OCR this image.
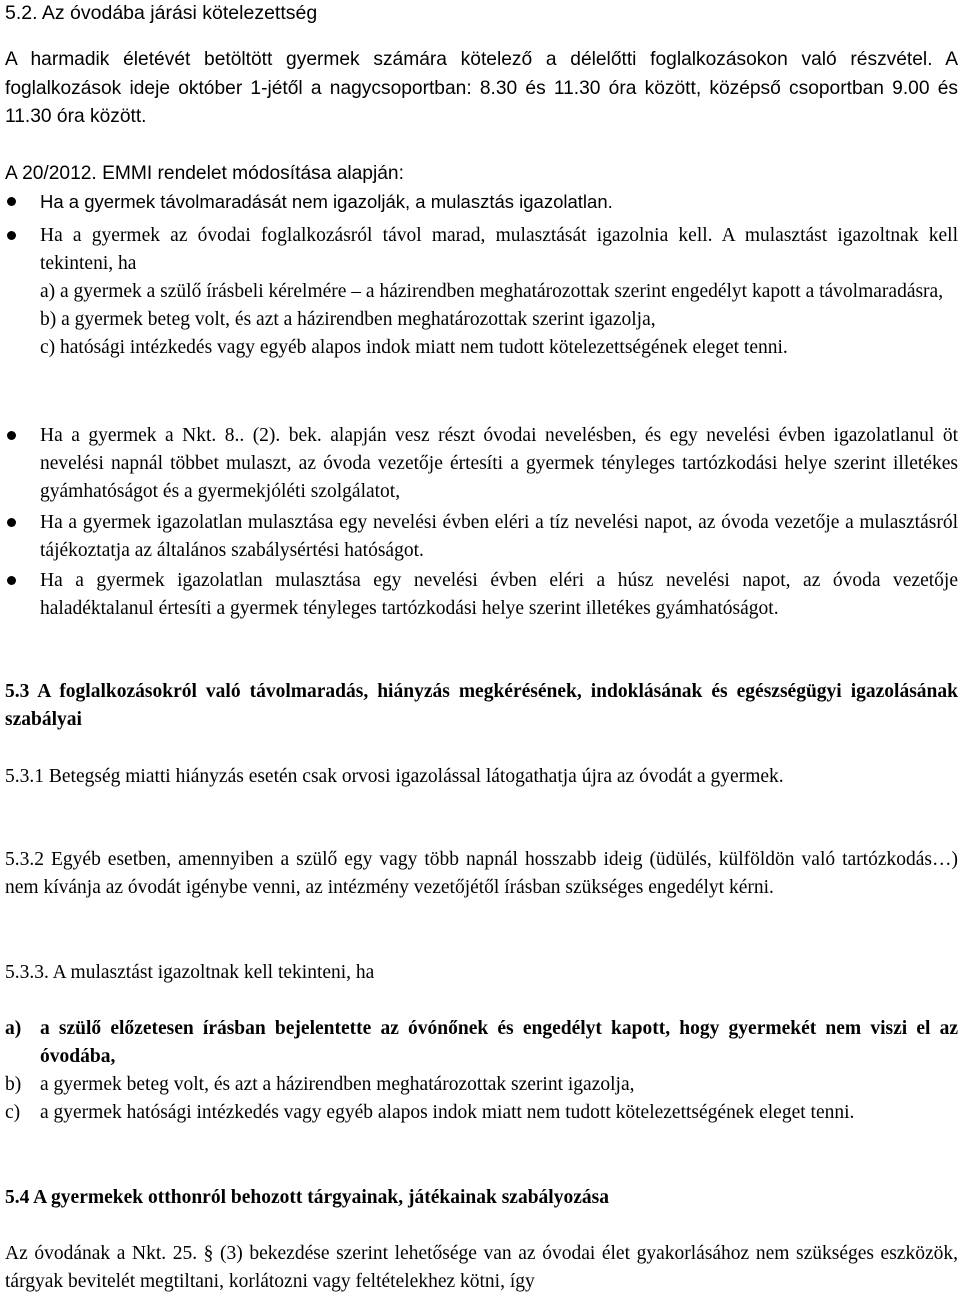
5.2. Az óvodába járási kötelezettség

A harmadik életévét betöltött gyermek számára kötelező a délelőtti foglalkozásokon való részvétel. A foglalkozások ideje október 1-jétől a nagycsoportban: 8.30 és 11.30 óra között, középső csoportban 9.00 és 11.30 óra között.

A 20/2012. EMMI rendelet módosítása alapján:

Ha a gyermek távolmaradását nem igazolják, a mulasztás igazolatlan.
Ha a gyermek az óvodai foglalkozásról távol marad, mulasztását igazolnia kell. A mulasztást igazoltnak kell tekinteni, ha
a) a gyermek a szülő írásbeli kérelmére – a házirendben meghatározottak szerint engedélyt kapott a távolmaradásra,
b) a gyermek beteg volt, és azt a házirendben meghatározottak szerint igazolja,
c) hatósági intézkedés vagy egyéb alapos indok miatt nem tudott kötelezettségének eleget tenni.
Ha a gyermek a Nkt. 8.. (2). bek. alapján vesz részt óvodai nevelésben, és egy nevelési évben igazolatlanul öt nevelési napnál többet mulaszt, az óvoda vezetője értesíti a gyermek tényleges tartózkodási helye szerint illetékes gyámhatóságot és a gyermekjóléti szolgálatot,
Ha a gyermek igazolatlan mulasztása egy nevelési évben eléri a tíz nevelési napot, az óvoda vezetője a mulasztásról tájékoztatja az általános szabálysértési hatóságot.
Ha a gyermek igazolatlan mulasztása egy nevelési évben eléri a húsz nevelési napot, az óvoda vezetője haladéktalanul értesíti a gyermek tényleges tartózkodási helye szerint illetékes gyámhatóságot.

5.3 A foglalkozásokról való távolmaradás, hiányzás megkérésének, indoklásának és egészségügyi igazolásának szabályai

5.3.1 Betegség miatti hiányzás esetén csak orvosi igazolással látogathatja újra az óvodát a gyermek.

5.3.2 Egyéb esetben, amennyiben a szülő egy vagy több napnál hosszabb ideig (üdülés, külföldön való tartózkodás…) nem kívánja az óvodát igénybe venni, az intézmény vezetőjétől írásban szükséges engedélyt kérni.

5.3.3. A mulasztást igazoltnak kell tekinteni, ha

a) a szülő előzetesen írásban bejelentette az óvónőnek és engedélyt kapott, hogy gyermekét nem viszi el az óvodába,
b) a gyermek beteg volt, és azt a házirendben meghatározottak szerint igazolja,
c)	a gyermek hatósági intézkedés vagy egyéb alapos indok miatt nem tudott kötelezettségének eleget tenni.

5.4 A gyermekek otthonról behozott tárgyainak, játékainak szabályozása

Az óvodának a Nkt. 25. § (3) bekezdése szerint lehetősége van az óvodai élet gyakorlásához nem szükséges eszközök, tárgyak bevitelét megtiltani, korlátozni vagy feltételekhez kötni, így
